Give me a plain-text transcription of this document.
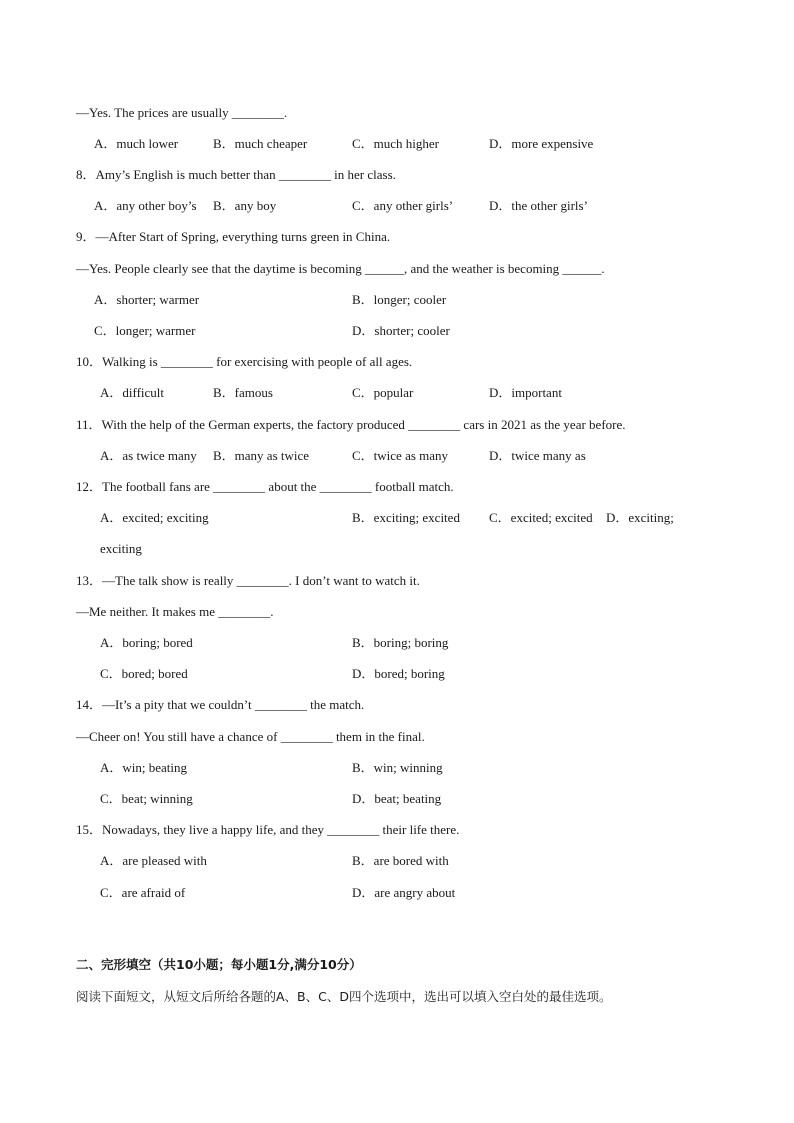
—Yes. The prices are usually ________.
A．much lower	B．much cheaper	C．much higher	D．more expensive
8．Amy’s English is much better than ________ in her class.
A．any other boy’s B．any boy	C．any other girls’	D．the other girls’
9．—After Start of Spring, everything turns green in China.
—Yes. People clearly see that the daytime is becoming ______, and the weather is becoming ______.
A．shorter; warmer	B．longer; cooler
C．longer; warmer	D．shorter; cooler
10．Walking is ________ for exercising with people of all ages.
A．difficult	B．famous	C．popular	D．important
11．With the help of the German experts, the factory produced ________ cars in 2021 as the year before.
A．as twice many B．many as twice	C．twice as many	D．twice many as
12．The football fans are ________ about the ________ football match.
A．excited; exciting	B．exciting; excited C．excited; excited D．exciting;
exciting
13．—The talk show is really ________. I don’t want to watch it.
—Me neither. It makes me ________.
A．boring; bored	B．boring; boring
C．bored; bored	D．bored; boring
14．—It’s a pity that we couldn’t ________ the match.
—Cheer on! You still have a chance of ________ them in the final.
A．win; beating	B．win; winning
C．beat; winning	D．beat; beating
15．Nowadays, they live a happy life, and they ________ their life there.
A．are pleased with	B．are bored with
C．are afraid of	D．are angry about
二、完形填空（共10小题；每小题1分,满分10分）
阅读下面短文，从短文后所给各题的A、B、C、D四个选项中，选出可以填入空白处的最佳选项。
